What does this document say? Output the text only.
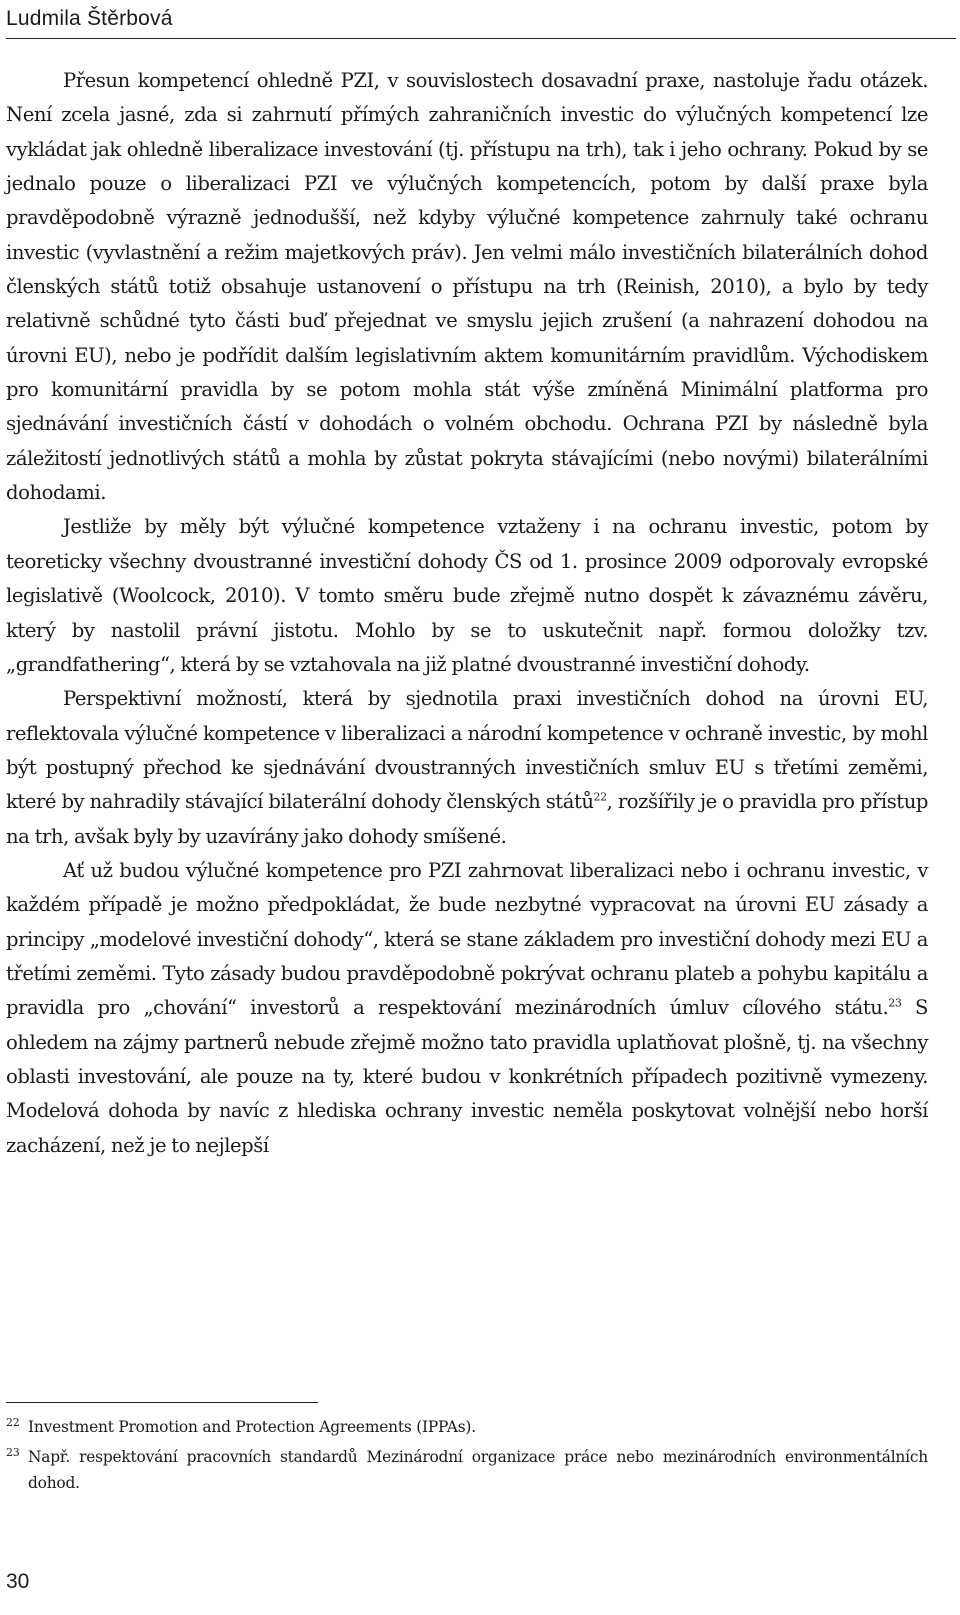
Ludmila Štěrbová

Přesun kompetencí ohledně PZI, v souvislostech dosavadní praxe, nastoluje řadu otázek. Není zcela jasné, zda si zahrnutí přímých zahraničních investic do výlučných kompetencí lze vykládat jak ohledně liberalizace investování (tj. přístupu na trh), tak i jeho ochrany. Pokud by se jednalo pouze o liberalizaci PZI ve výlučných kompetencích, potom by další praxe byla pravděpodobně výrazně jednodušší, než kdyby výlučné kompetence zahrnuly také ochranu investic (vyvlastnění a režim majetkových práv). Jen velmi málo investičních bilaterálních dohod členských států totiž obsahuje ustanovení o přístupu na trh (Reinish, 2010), a bylo by tedy relativně schůdné tyto části buď přejednat ve smyslu jejich zrušení (a nahrazení dohodou na úrovni EU), nebo je podřídit dalším legislativním aktem komunitárním pravidlům. Východiskem pro komunitární pravidla by se potom mohla stát výše zmíněná Minimální platforma pro sjednávání investičních částí v dohodách o volném obchodu. Ochrana PZI by následně byla záležitostí jednotlivých států a mohla by zůstat pokryta stávajícími (nebo novými) bilaterálními dohodami.

Jestliže by měly být výlučné kompetence vztaženy i na ochranu investic, potom by teoreticky všechny dvoustranné investiční dohody ČS od 1. prosince 2009 odporovaly evropské legislativě (Woolcock, 2010). V tomto směru bude zřejmě nutno dospět k závaznému závěru, který by nastolil právní jistotu. Mohlo by se to uskutečnit např. formou doložky tzv. „grandfathering“, která by se vztahovala na již platné dvoustranné investiční dohody.

Perspektivní možností, která by sjednotila praxi investičních dohod na úrovni EU, reflektovala výlučné kompetence v liberalizaci a národní kompetence v ochraně investic, by mohl být postupný přechod ke sjednávání dvoustranných investičních smluv EU s třetími zeměmi, které by nahradily stávající bilaterální dohody členských států$^{22}$, rozšířily je o pravidla pro přístup na trh, avšak byly by uzavírány jako dohody smíšené.

Ať už budou výlučné kompetence pro PZI zahrnovat liberalizaci nebo i ochranu investic, v každém případě je možno předpokládat, že bude nezbytné vypracovat na úrovni EU zásady a principy „modelové investiční dohody“, která se stane základem pro investiční dohody mezi EU a třetími zeměmi. Tyto zásady budou pravděpodobně pokrývat ochranu plateb a pohybu kapitálu a pravidla pro „chování“ investorů a respektování mezinárodních úmluv cílového státu.$^{23}$ S ohledem na zájmy partnerů nebude zřejmě možno tato pravidla uplatňovat plošně, tj. na všechny oblasti investování, ale pouze na ty, které budou v konkrétních případech pozitivně vymezeny. Modelová dohoda by navíc z hlediska ochrany investic neměla poskytovat volnější nebo horší zacházení, než je to nejlepší

22 Investment Promotion and Protection Agreements (IPPAs).
23 Např. respektování pracovních standardů Mezinárodní organizace práce nebo mezinárodních environmentálních dohod.
30
